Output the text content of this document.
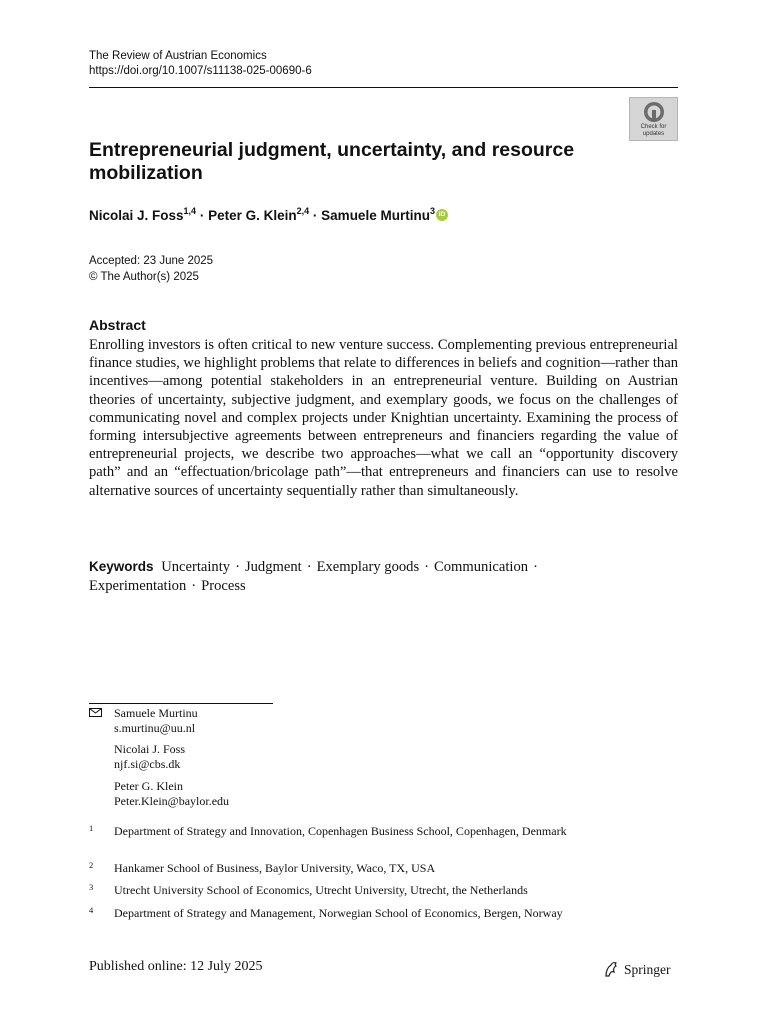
The Review of Austrian Economics
https://doi.org/10.1007/s11138-025-00690-6
Check for
updates
Entrepreneurial judgment, uncertainty, and resource mobilization
Nicolai J. Foss$^{1,4}$ · Peter G. Klein$^{2,4}$ · Samuele Murtinu$^3$iD
Accepted: 23 June 2025
© The Author(s) 2025
Abstract
Enrolling investors is often critical to new venture success. Complementing previous entrepreneurial finance studies, we highlight problems that relate to differences in beliefs and cognition—rather than incentives—among potential stakeholders in an entrepreneurial venture. Building on Austrian theories of uncertainty, subjective judgment, and exemplary goods, we focus on the challenges of communicating novel and complex projects under Knightian uncertainty. Examining the process of forming intersubjective agreements between entrepreneurs and financiers regarding the value of entrepreneurial projects, we describe two approaches—what we call an “opportunity discovery path” and an “effectuation/bricolage path”—that entrepreneurs and financiers can use to resolve alternative sources of uncertainty sequentially rather than simultaneously.
Keywords Uncertainty · Judgment · Exemplary goods · Communication ·
Experimentation · Process
Samuele Murtinu
s.murtinu@uu.nl
Nicolai J. Foss
njf.si@cbs.dk
Peter G. Klein
Peter.Klein@baylor.edu
1 Department of Strategy and Innovation, Copenhagen Business School, Copenhagen, Denmark
2 Hankamer School of Business, Baylor University, Waco, TX, USA
3 Utrecht University School of Economics, Utrecht University, Utrecht, the Netherlands
4 Department of Strategy and Management, Norwegian School of Economics, Bergen, Norway
Published online: 12 July 2025	Springer
